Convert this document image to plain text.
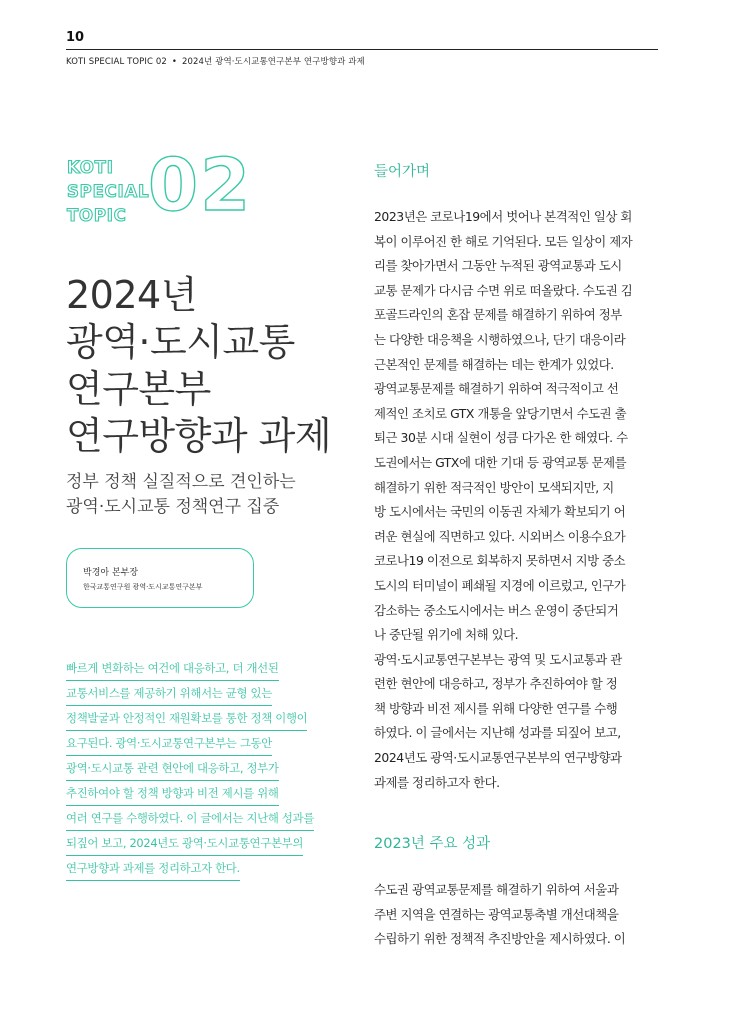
10
KOTI SPECIAL TOPIC 02 • 2024년 광역·도시교통연구본부 연구방향과 과제
KOTI
SPECIAL
TOPIC 02
2024년
광역·도시교통
연구본부
연구방향과 과제
정부 정책 실질적으로 견인하는
광역·도시교통 정책연구 집중
박경아 본부장
한국교통연구원 광역·도시교통연구본부
빠르게 변화하는 여건에 대응하고, 더 개선된
교통서비스를 제공하기 위해서는 균형 있는
정책발굴과 안정적인 재원확보를 통한 정책 이행이
요구된다. 광역·도시교통연구본부는 그동안
광역·도시교통 관련 현안에 대응하고, 정부가
추진하여야 할 정책 방향과 비전 제시를 위해
여러 연구를 수행하였다. 이 글에서는 지난해 성과를
되짚어 보고, 2024년도 광역·도시교통연구본부의
연구방향과 과제를 정리하고자 한다.
들어가며
2023년은 코로나19에서 벗어나 본격적인 일상 회
복이 이루어진 한 해로 기억된다. 모든 일상이 제자
리를 찾아가면서 그동안 누적된 광역교통과 도시
교통 문제가 다시금 수면 위로 떠올랐다. 수도권 김
포골드라인의 혼잡 문제를 해결하기 위하여 정부
는 다양한 대응책을 시행하였으나, 단기 대응이라
근본적인 문제를 해결하는 데는 한계가 있었다.
광역교통문제를 해결하기 위하여 적극적이고 선
제적인 조치로 GTX 개통을 앞당기면서 수도권 출
퇴근 30분 시대 실현이 성큼 다가온 한 해였다. 수
도권에서는 GTX에 대한 기대 등 광역교통 문제를
해결하기 위한 적극적인 방안이 모색되지만, 지
방 도시에서는 국민의 이동권 자체가 확보되기 어
려운 현실에 직면하고 있다. 시외버스 이용수요가
코로나19 이전으로 회복하지 못하면서 지방 중소
도시의 터미널이 폐쇄될 지경에 이르렀고, 인구가
감소하는 중소도시에서는 버스 운영이 중단되거
나 중단될 위기에 처해 있다.
광역·도시교통연구본부는 광역 및 도시교통과 관
련한 현안에 대응하고, 정부가 추진하여야 할 정
책 방향과 비전 제시를 위해 다양한 연구를 수행
하였다. 이 글에서는 지난해 성과를 되짚어 보고,
2024년도 광역·도시교통연구본부의 연구방향과
과제를 정리하고자 한다.
2023년 주요 성과
수도권 광역교통문제를 해결하기 위하여 서울과
주변 지역을 연결하는 광역교통축별 개선대책을
수립하기 위한 정책적 추진방안을 제시하였다. 이
